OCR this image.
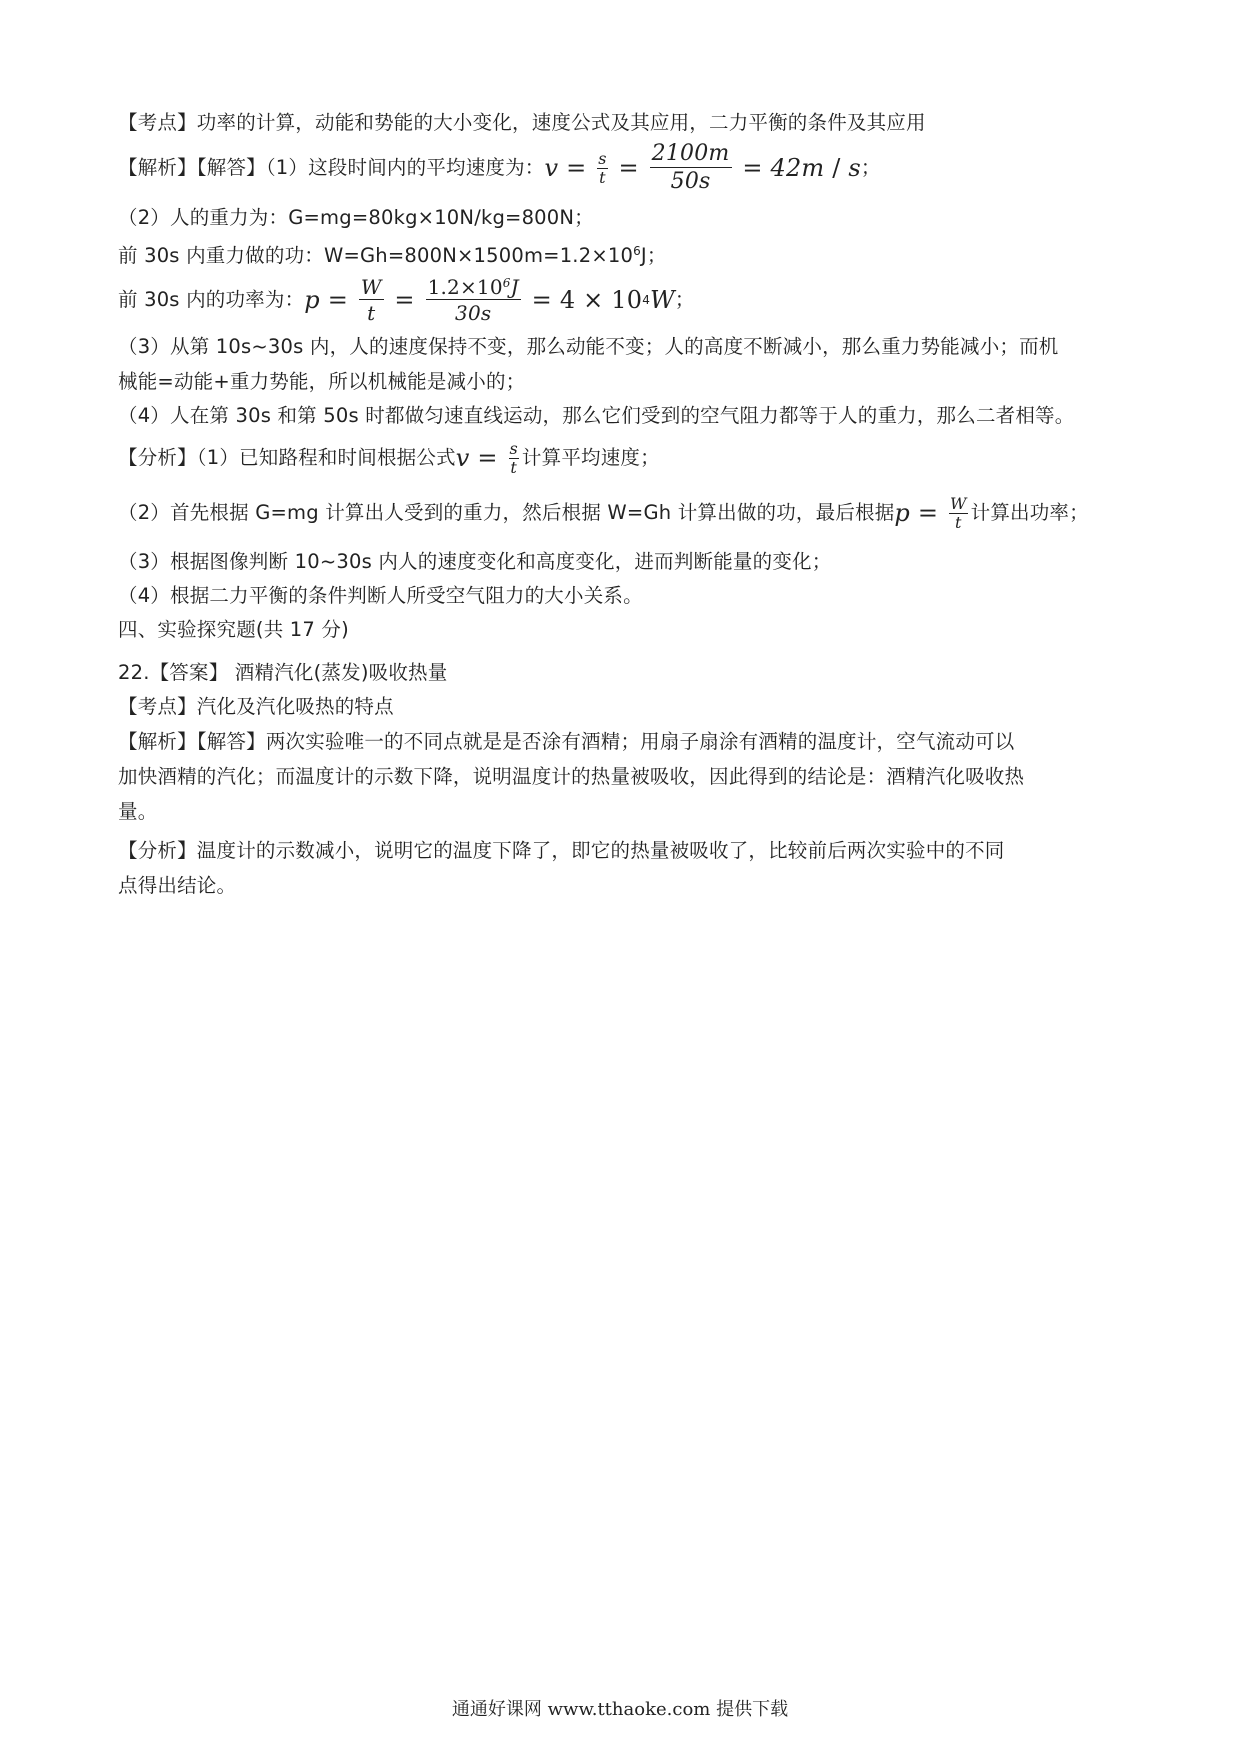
【考点】功率的计算，动能和势能的大小变化，速度公式及其应用，二力平衡的条件及其应用
【解析】【解答】（1）这段时间内的平均速度为： $v = \frac{s}{t} = \frac{2100m}{50s} = 42m / s$ ；
（2）人的重力为：G=mg=80kg×10N/kg=800N；
前 30s 内重力做的功：$W=Gh=800N\times 1500m=1.2\times 10^6J$；
前 30s 内的功率为： $p = \frac{W}{t} = \frac{1.2\times 10^6J}{30s} = 4 \times 10$ 4 W ；
（3）从第 10s~30s 内，人的速度保持不变，那么动能不变；人的高度不断减小，那么重力势能减小；而机
械能=动能+重力势能，所以机械能是减小的；
（4）人在第 30s 和第 50s 时都做匀速直线运动，那么它们受到的空气阻力都等于人的重力，那么二者相等。
【分析】（1）已知路程和时间根据公式 $v = \frac{s}{t}$ 计算平均速度；
（2）首先根据 G=mg 计算出人受到的重力，然后根据 W=Gh 计算出做的功，最后根据 $p = \frac{W}{t}$ 计算出功率；
（3）根据图像判断 10~30s 内人的速度变化和高度变化，进而判断能量的变化；
（4）根据二力平衡的条件判断人所受空气阻力的大小关系。
四、实验探究题(共 17 分)
22.【答案】 酒精汽化(蒸发)吸收热量
【考点】汽化及汽化吸热的特点
【解析】【解答】两次实验唯一的不同点就是是否涂有酒精；用扇子扇涂有酒精的温度计，空气流动可以
加快酒精的汽化；而温度计的示数下降，说明温度计的热量被吸收，因此得到的结论是：酒精汽化吸收热
量。
【分析】温度计的示数减小，说明它的温度下降了，即它的热量被吸收了，比较前后两次实验中的不同
点得出结论。
通通好课网 www.tthaoke.com 提供下载
